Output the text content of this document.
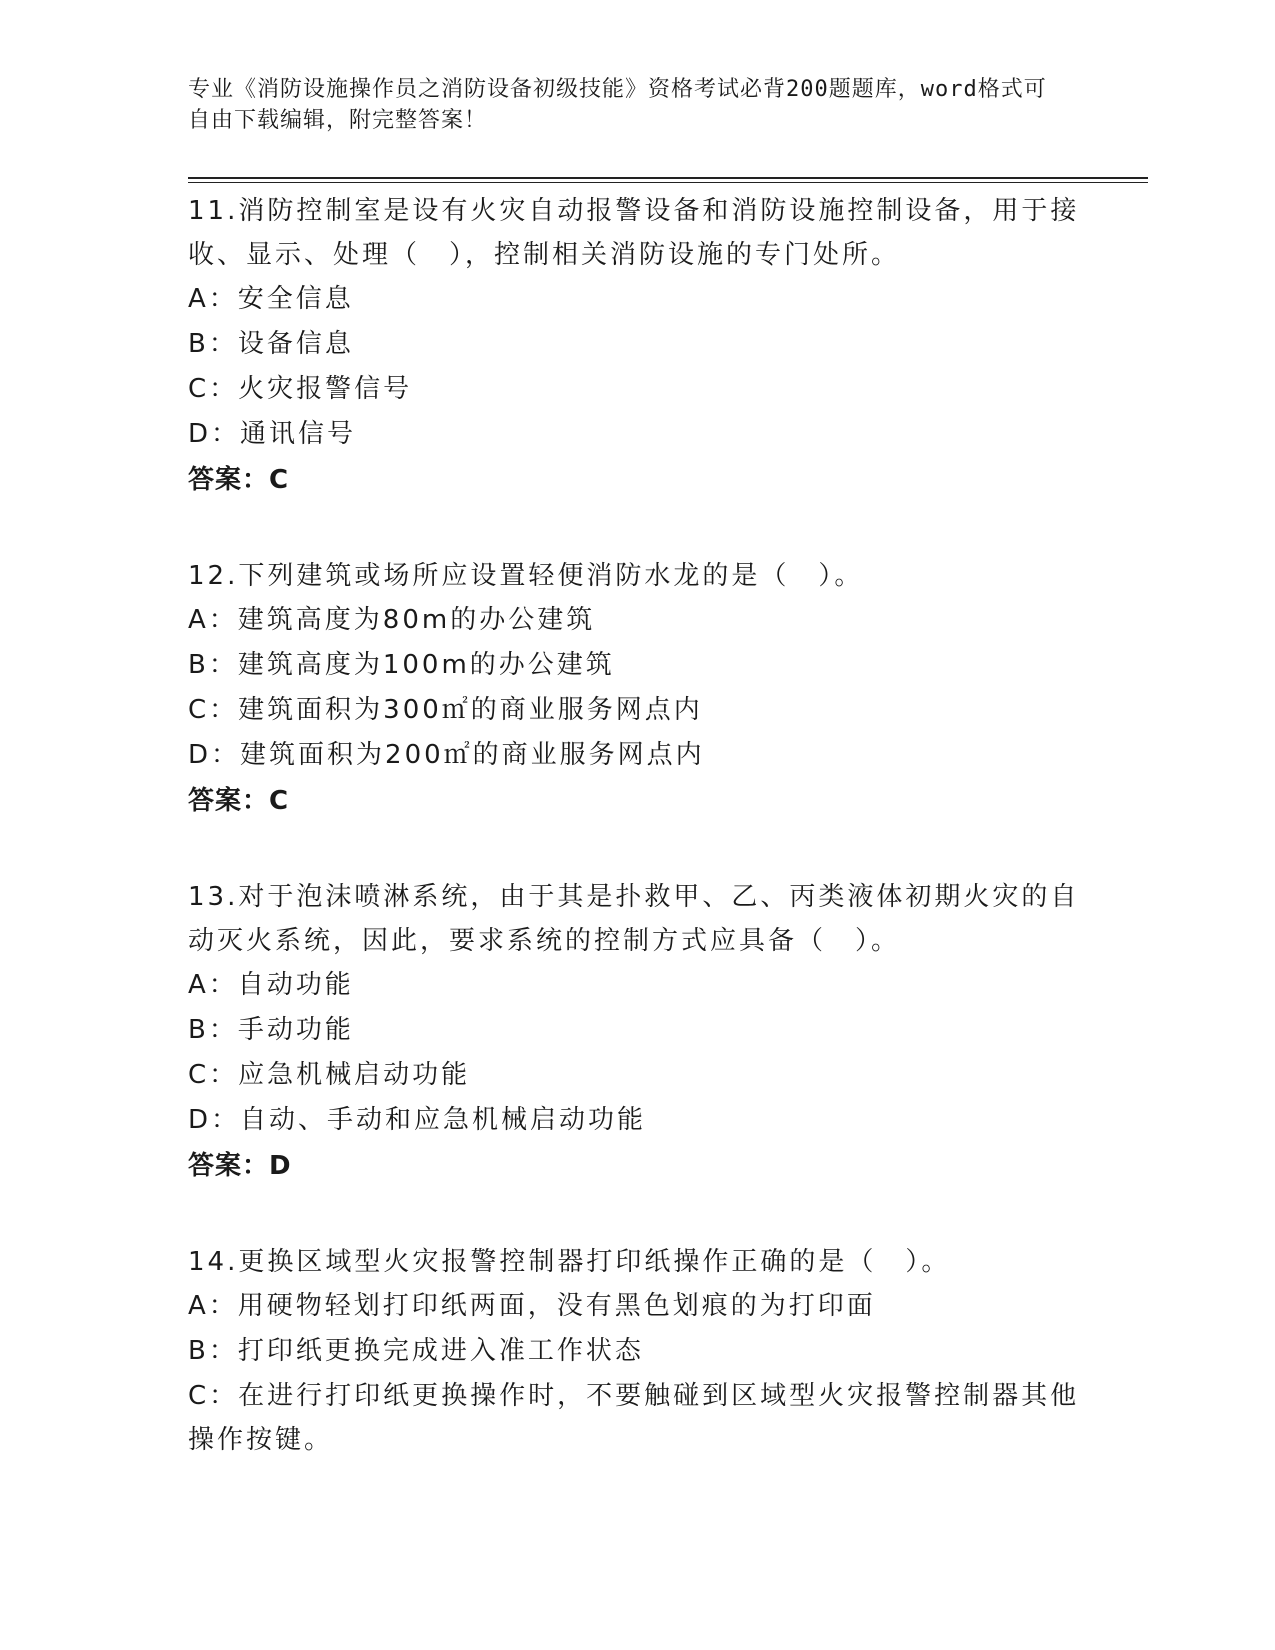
专业《消防设施操作员之消防设备初级技能》资格考试必背200题题库，word格式可自由下载编辑，附完整答案！
11.消防控制室是设有火灾自动报警设备和消防设施控制设备，用于接收、显示、处理（　），控制相关消防设施的专门处所。
A：安全信息
B：设备信息
C：火灾报警信号
D：通讯信号
答案：C
12.下列建筑或场所应设置轻便消防水龙的是（　）。
A：建筑高度为80m的办公建筑
B：建筑高度为100m的办公建筑
C：建筑面积为300㎡的商业服务网点内
D：建筑面积为200㎡的商业服务网点内
答案：C
13.对于泡沫喷淋系统，由于其是扑救甲、乙、丙类液体初期火灾的自动灭火系统，因此，要求系统的控制方式应具备（　）。
A：自动功能
B：手动功能
C：应急机械启动功能
D：自动、手动和应急机械启动功能
答案：D
14.更换区域型火灾报警控制器打印纸操作正确的是（　）。
A：用硬物轻划打印纸两面，没有黑色划痕的为打印面
B：打印纸更换完成进入准工作状态
C：在进行打印纸更换操作时，不要触碰到区域型火灾报警控制器其他操作按键。
